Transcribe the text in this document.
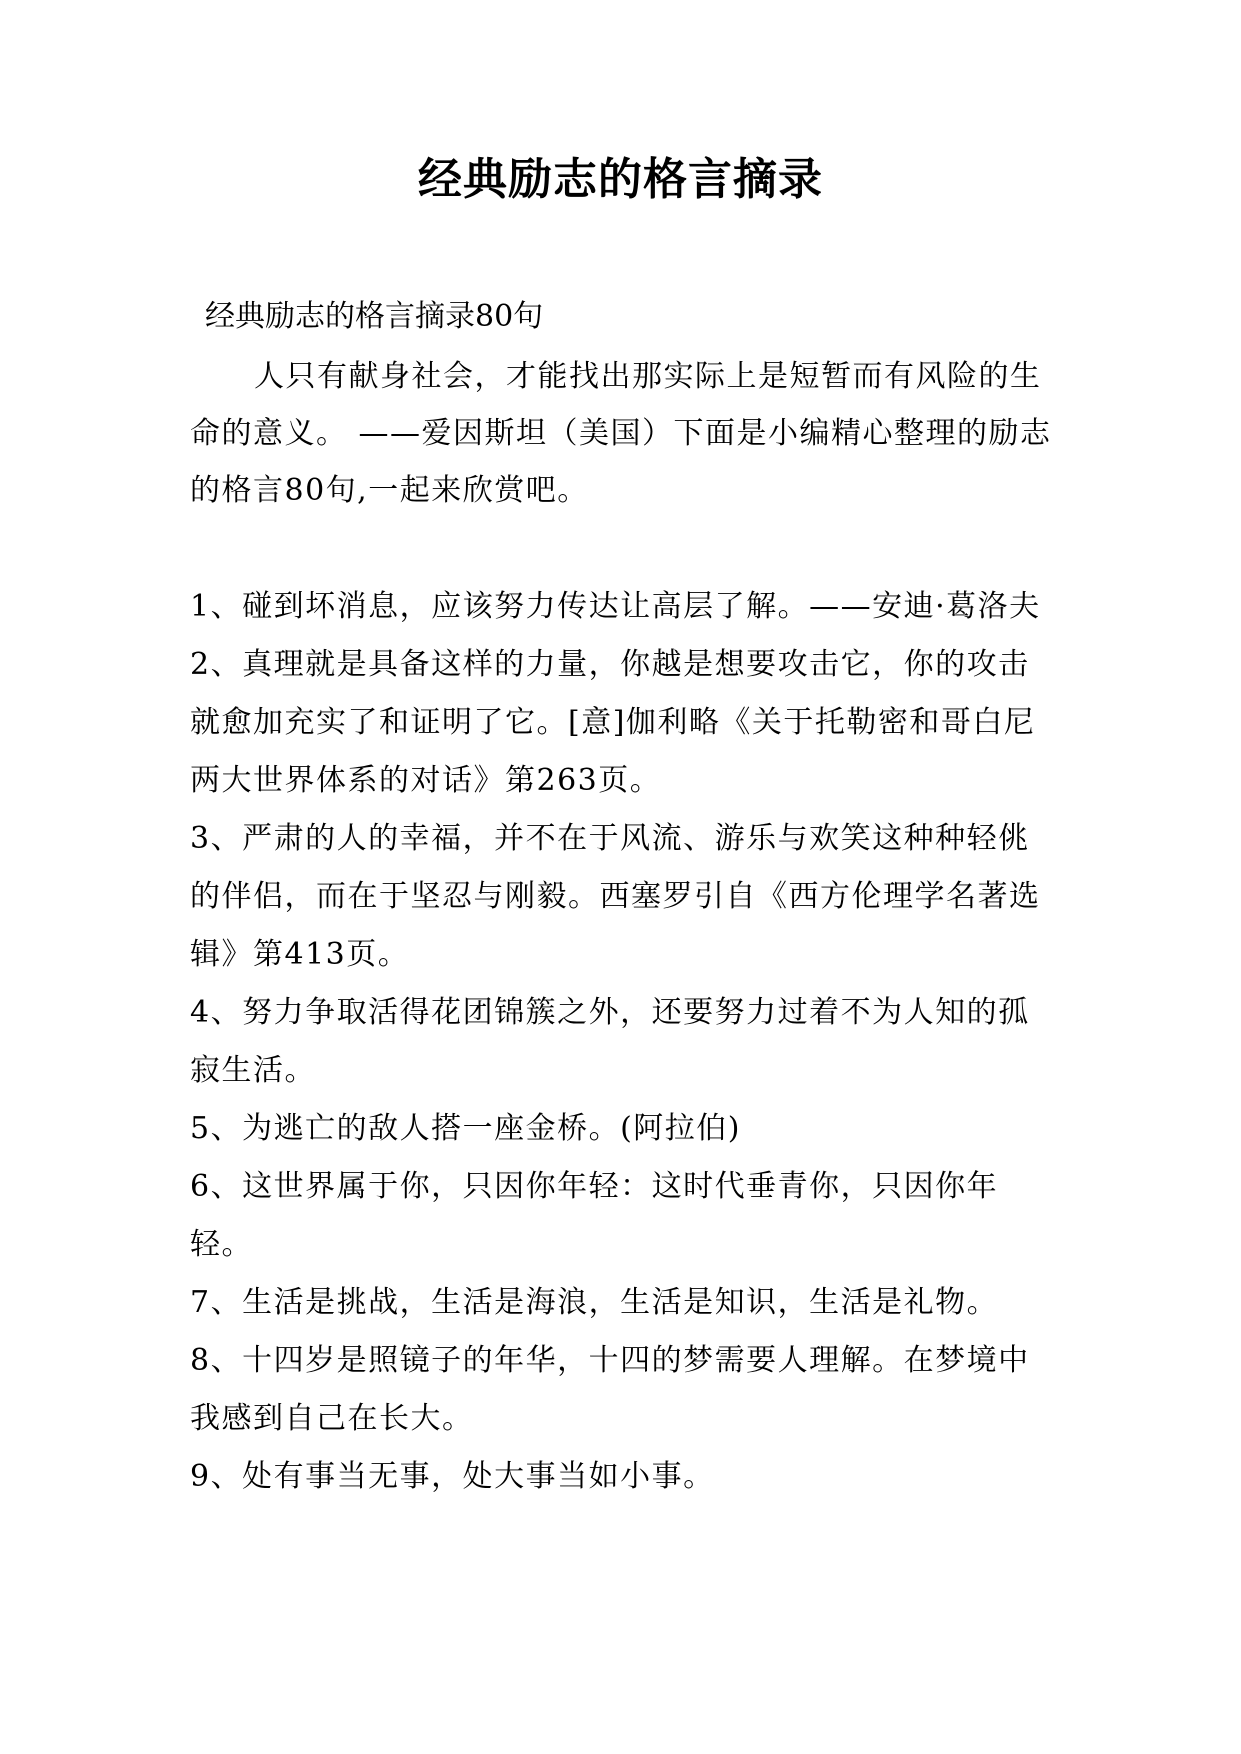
经典励志的格言摘录

经典励志的格言摘录80句

人只有献身社会，才能找出那实际上是短暂而有风险的生命的意义。 ——爱因斯坦（美国）下面是小编精心整理的励志的格言80句,一起来欣赏吧。

1、碰到坏消息，应该努力传达让高层了解。——安迪·葛洛夫
2、真理就是具备这样的力量，你越是想要攻击它，你的攻击就愈加充实了和证明了它。[意]伽利略《关于托勒密和哥白尼两大世界体系的对话》第263页。
3、严肃的人的幸福，并不在于风流、游乐与欢笑这种种轻佻的伴侣，而在于坚忍与刚毅。西塞罗引自《西方伦理学名著选辑》第413页。
4、努力争取活得花团锦簇之外，还要努力过着不为人知的孤寂生活。
5、为逃亡的敌人搭一座金桥。(阿拉伯)
6、这世界属于你，只因你年轻：这时代垂青你，只因你年轻。
7、生活是挑战，生活是海浪，生活是知识，生活是礼物。
8、十四岁是照镜子的年华，十四的梦需要人理解。在梦境中我感到自己在长大。
9、处有事当无事，处大事当如小事。
